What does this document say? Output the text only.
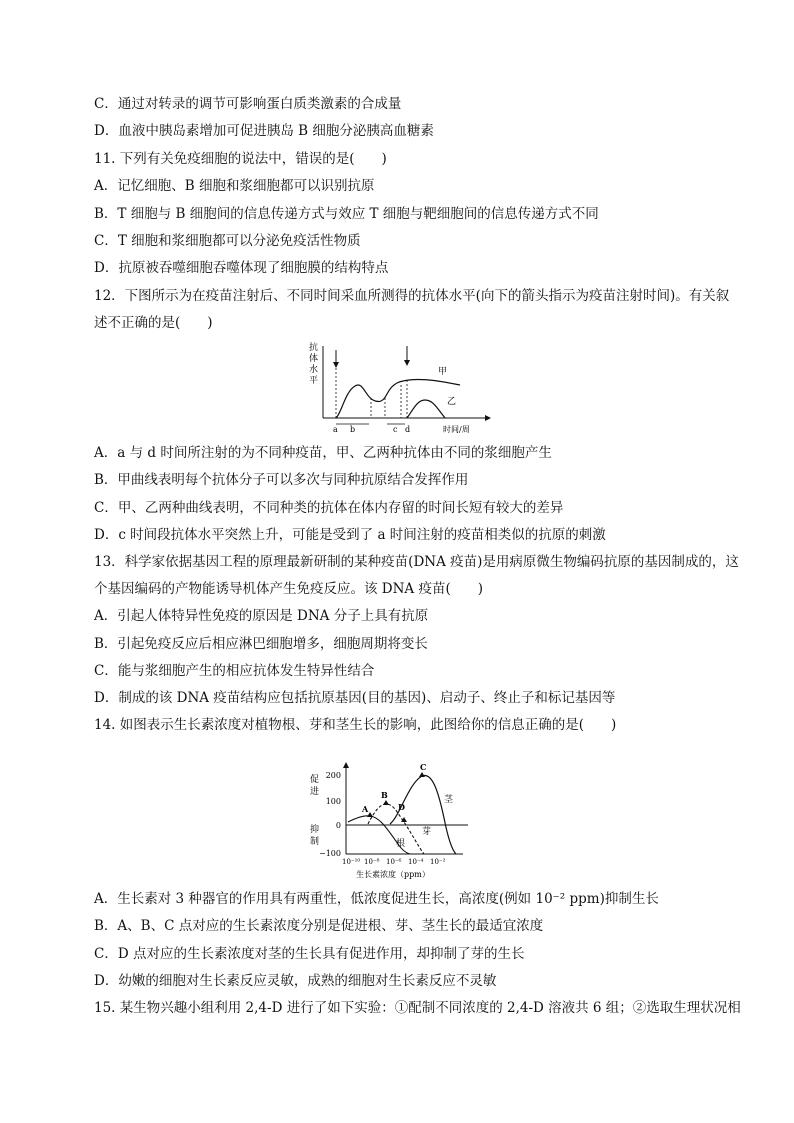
C．通过对转录的调节可影响蛋白质类激素的合成量
D．血液中胰岛素增加可促进胰岛 B 细胞分泌胰高血糖素
11. 下列有关免疫细胞的说法中，错误的是(　　)
A．记忆细胞、B 细胞和浆细胞都可以识别抗原
B．T 细胞与 B 细胞间的信息传递方式与效应 T 细胞与靶细胞间的信息传递方式不同
C．T 细胞和浆细胞都可以分泌免疫活性物质
D．抗原被吞噬细胞吞噬体现了细胞膜的结构特点
12．下图所示为在疫苗注射后、不同时间采血所测得的抗体水平(向下的箭头指示为疫苗注射时间)。有关叙
述不正确的是(　　)
抗
体
水
平
甲
乙
a b	c d	时间/周
A．a 与 d 时间所注射的为不同种疫苗，甲、乙两种抗体由不同的浆细胞产生
B．甲曲线表明每个抗体分子可以多次与同种抗原结合发挥作用
C．甲、乙两种曲线表明，不同种类的抗体在体内存留的时间长短有较大的差异
D．c 时间段抗体水平突然上升，可能是受到了 a 时间注射的疫苗相类似的抗原的刺激
13．科学家依据基因工程的原理最新研制的某种疫苗(DNA 疫苗)是用病原微生物编码抗原的基因制成的，这
个基因编码的产物能诱导机体产生免疫反应。该 DNA 疫苗(　　)
A．引起人体特异性免疫的原因是 DNA 分子上具有抗原
B．引起免疫反应后相应淋巴细胞增多，细胞周期将变长
C．能与浆细胞产生的相应抗体发生特异性结合
D．制成的该 DNA 疫苗结构应包括抗原基因(目的基因)、启动子、终止子和标记基因等
14. 如图表示生长素浓度对植物根、芽和茎生长的影响，此图给你的信息正确的是(　　)
促
进
抑
制
200
100
0
−100
A
B
C
D
茎
芽
根
10⁻¹⁰ 10⁻⁸ 10⁻⁶ 10⁻⁴ 10⁻²
生长素浓度（ppm）
A．生长素对 3 种器官的作用具有两重性，低浓度促进生长，高浓度(例如 10⁻² ppm)抑制生长
B．A、B、C 点对应的生长素浓度分别是促进根、芽、茎生长的最适宜浓度
C．D 点对应的生长素浓度对茎的生长具有促进作用，却抑制了芽的生长
D．幼嫩的细胞对生长素反应灵敏，成熟的细胞对生长素反应不灵敏
15. 某生物兴趣小组利用 2,4-D 进行了如下实验：①配制不同浓度的 2,4-D 溶液共 6 组；②选取生理状况相
